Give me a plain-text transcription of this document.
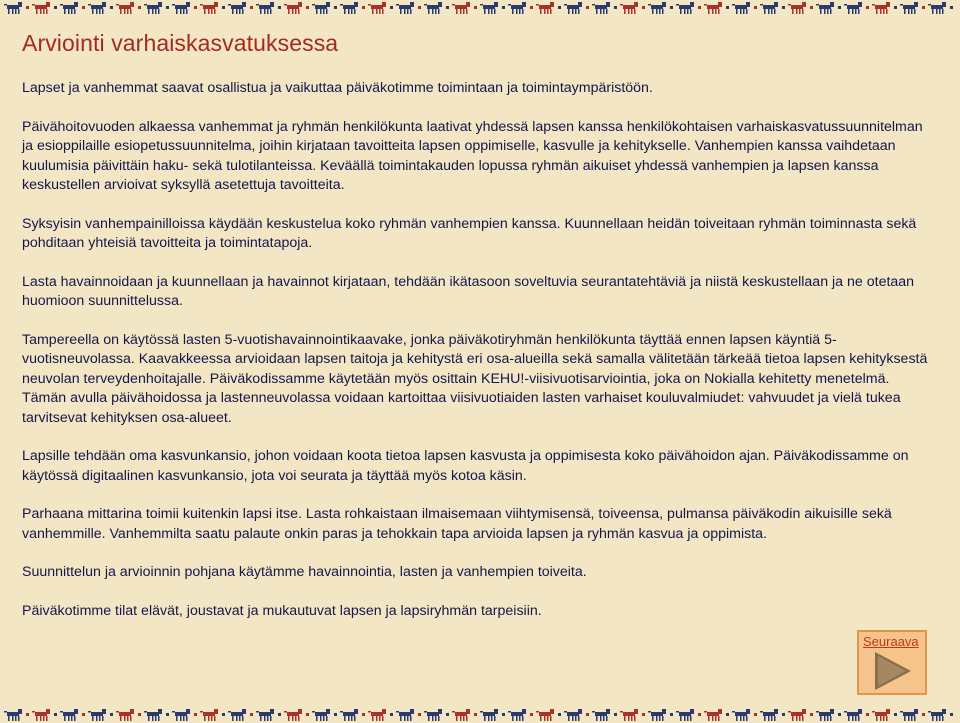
Arviointi varhaiskasvatuksessa

Lapset ja vanhemmat saavat osallistua ja vaikuttaa päiväkotimme toimintaan ja toimintaympäristöön.

Päivähoitovuoden alkaessa vanhemmat ja ryhmän henkilökunta laativat yhdessä lapsen kanssa henkilökohtaisen varhaiskasvatussuunnitelman ja esioppilaille esiopetussuunnitelma, joihin kirjataan tavoitteita lapsen oppimiselle, kasvulle ja kehitykselle. Vanhempien kanssa vaihdetaan kuulumisia päivittäin haku- sekä tulotilanteissa. Keväällä toimintakauden lopussa ryhmän aikuiset yhdessä vanhempien ja lapsen kanssa keskustellen arvioivat syksyllä asetettuja tavoitteita.

Syksyisin vanhempainilloissa käydään keskustelua koko ryhmän vanhempien kanssa. Kuunnellaan heidän toiveitaan ryhmän toiminnasta sekä pohditaan yhteisiä tavoitteita ja toimintatapoja.

Lasta havainnoidaan ja kuunnellaan ja havainnot kirjataan, tehdään ikätasoon soveltuvia seurantatehtäviä ja niistä keskustellaan ja ne otetaan huomioon suunnittelussa.

Tampereella on käytössä lasten 5-vuotishavainnointikaavake, jonka päiväkotiryhmän henkilökunta täyttää ennen lapsen käyntiä 5-vuotisneuvolassa. Kaavakkeessa arvioidaan lapsen taitoja ja kehitystä eri osa-alueilla sekä samalla välitetään tärkeää tietoa lapsen kehityksestä neuvolan terveydenhoitajalle. Päiväkodissamme käytetään myös osittain KEHU!-viisivuotisarviointia, joka on Nokialla kehitetty menetelmä. Tämän avulla päivähoidossa ja lastenneuvolassa voidaan kartoittaa viisivuotiaiden lasten varhaiset kouluvalmiudet: vahvuudet ja vielä tukea tarvitsevat kehityksen osa-alueet.

Lapsille tehdään oma kasvunkansio, johon voidaan koota tietoa lapsen kasvusta ja oppimisesta koko päivähoidon ajan. Päiväkodissamme on käytössä digitaalinen kasvunkansio, jota voi seurata ja täyttää myös kotoa käsin.

Parhaana mittarina toimii kuitenkin lapsi itse. Lasta rohkaistaan ilmaisemaan viihtymisensä, toiveensa, pulmansa päiväkodin aikuisille sekä vanhemmille. Vanhemmilta saatu palaute onkin paras ja tehokkain tapa arvioida lapsen ja ryhmän kasvua ja oppimista.

Suunnittelun ja arvioinnin pohjana käytämme havainnointia, lasten ja vanhempien toiveita.

Päiväkotimme tilat elävät, joustavat ja mukautuvat lapsen ja lapsiryhmän tarpeisiin.

Seuraava
